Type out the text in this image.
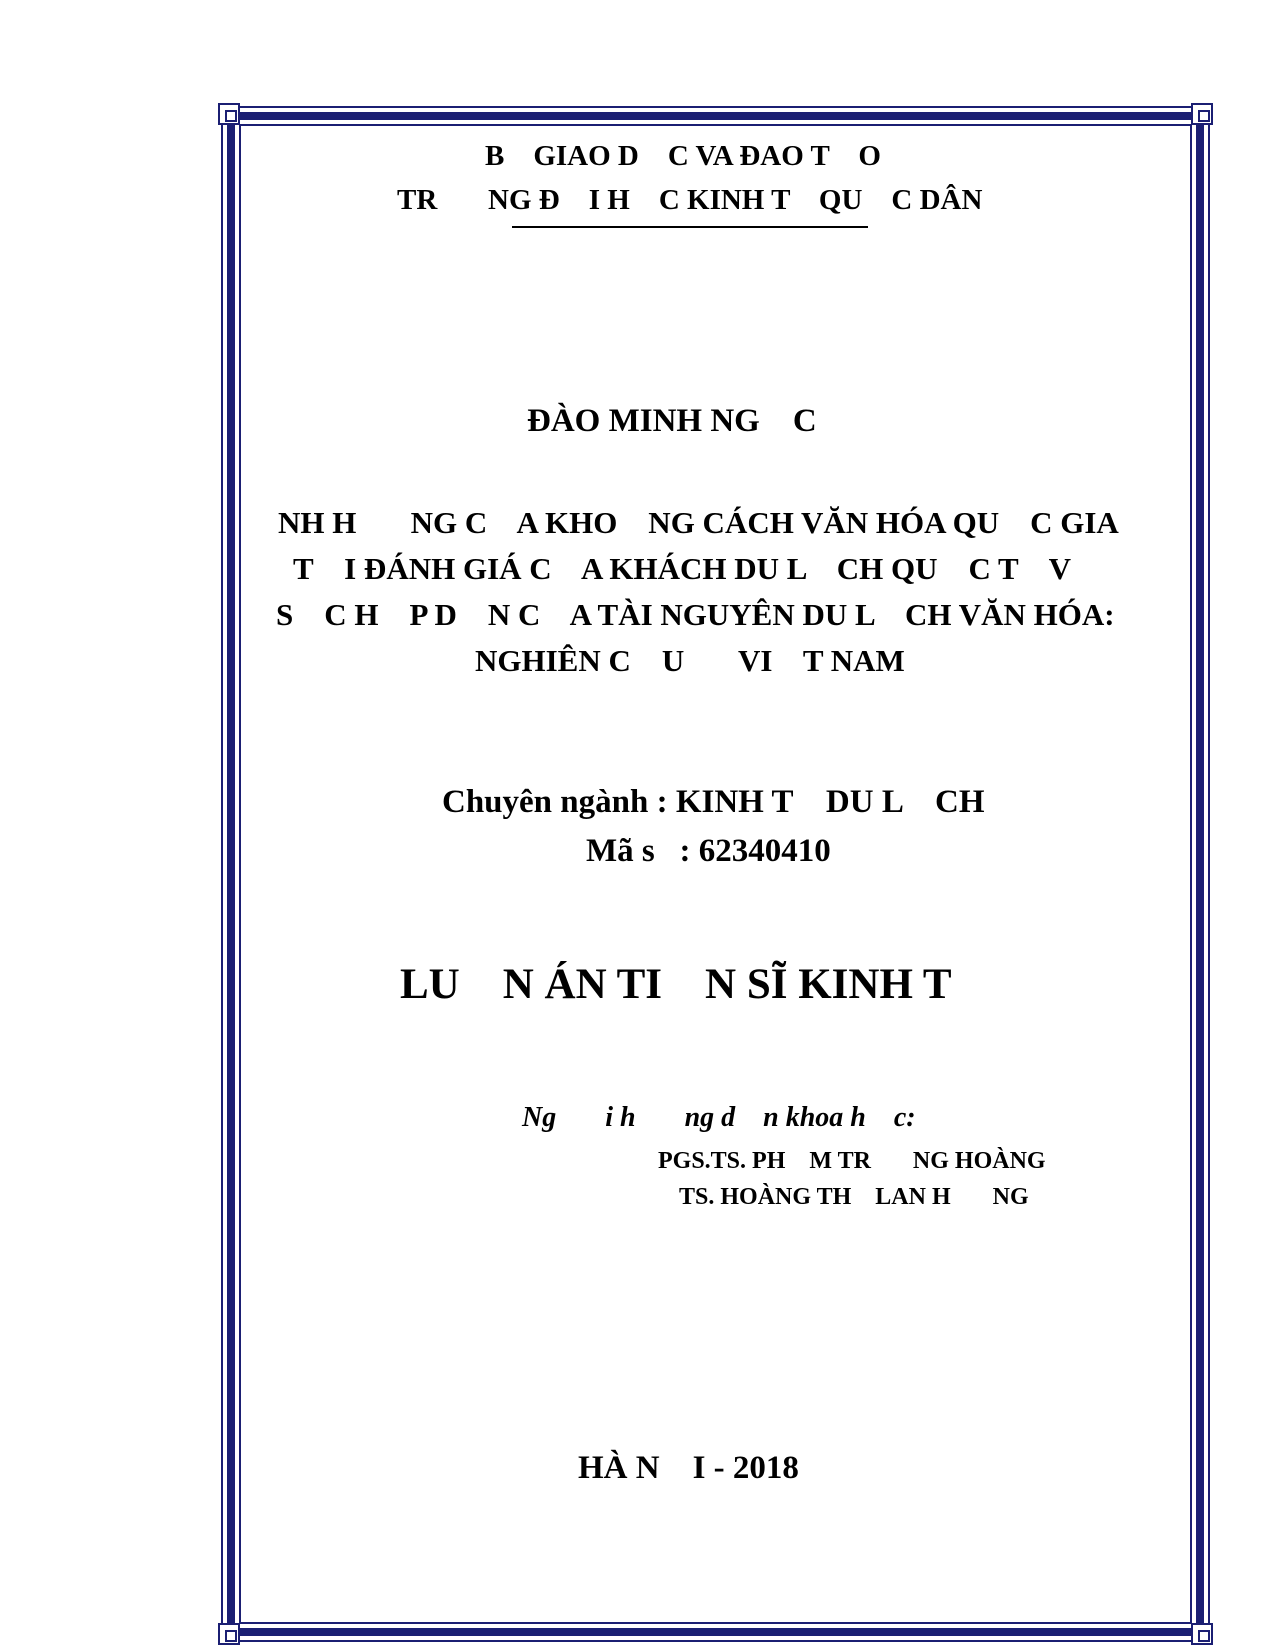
B    GIAO D    C VA ĐAO T    O
TR       NG Đ    I H    C KINH T    QU    C DÂN
ĐÀO MINH NG    C
NH H       NG C    A KHO    NG CÁCH VĂN HÓA QU    C GIA
T    I ĐÁNH GIÁ C    A KHÁCH DU L    CH QU    C T    V
S    C H    P D    N C    A TÀI NGUYÊN DU L    CH VĂN HÓA:
NGHIÊN C    U       VI    T NAM
Chuyên ngành : KINH T    DU L    CH
Mã s   : 62340410
LU    N ÁN TI    N SĨ KINH T
Ng       i h       ng d    n khoa h    c:
PGS.TS. PH    M TR       NG HOÀNG
TS. HOÀNG TH    LAN H       NG
HÀ N    I - 2018
